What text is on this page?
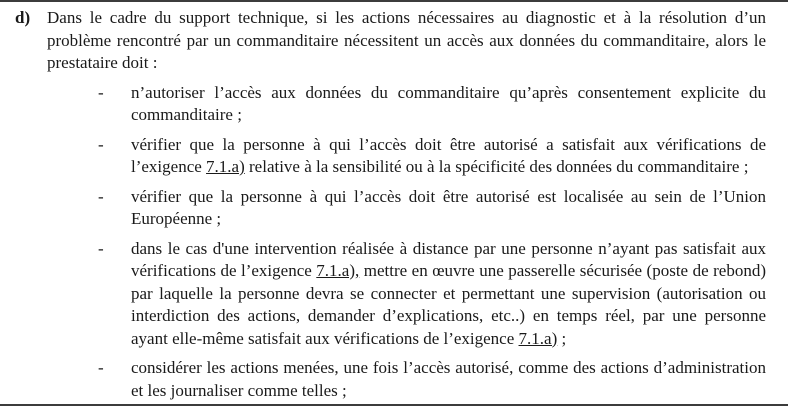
d) Dans le cadre du support technique, si les actions nécessaires au diagnostic et à la résolution d’un problème rencontré par un commanditaire nécessitent un accès aux données du commanditaire, alors le prestataire doit :

- n’autoriser l’accès aux données du commanditaire qu’après consentement explicite du commanditaire ;

- vérifier que la personne à qui l’accès doit être autorisé a satisfait aux vérifications de l’exigence 7.1.a) relative à la sensibilité ou à la spécificité des données du commanditaire ;

- vérifier que la personne à qui l’accès doit être autorisé est localisée au sein de l’Union Européenne ;

- dans le cas d'une intervention réalisée à distance par une personne n’ayant pas satisfait aux vérifications de l’exigence 7.1.a), mettre en œuvre une passerelle sécurisée (poste de rebond) par laquelle la personne devra se connecter et permettant une supervision (autorisation ou interdiction des actions, demander d’explications, etc..) en temps réel, par une personne ayant elle-même satisfait aux vérifications de l’exigence 7.1.a) ;

- considérer les actions menées, une fois l’accès autorisé, comme des actions d’administration et les journaliser comme telles ;
